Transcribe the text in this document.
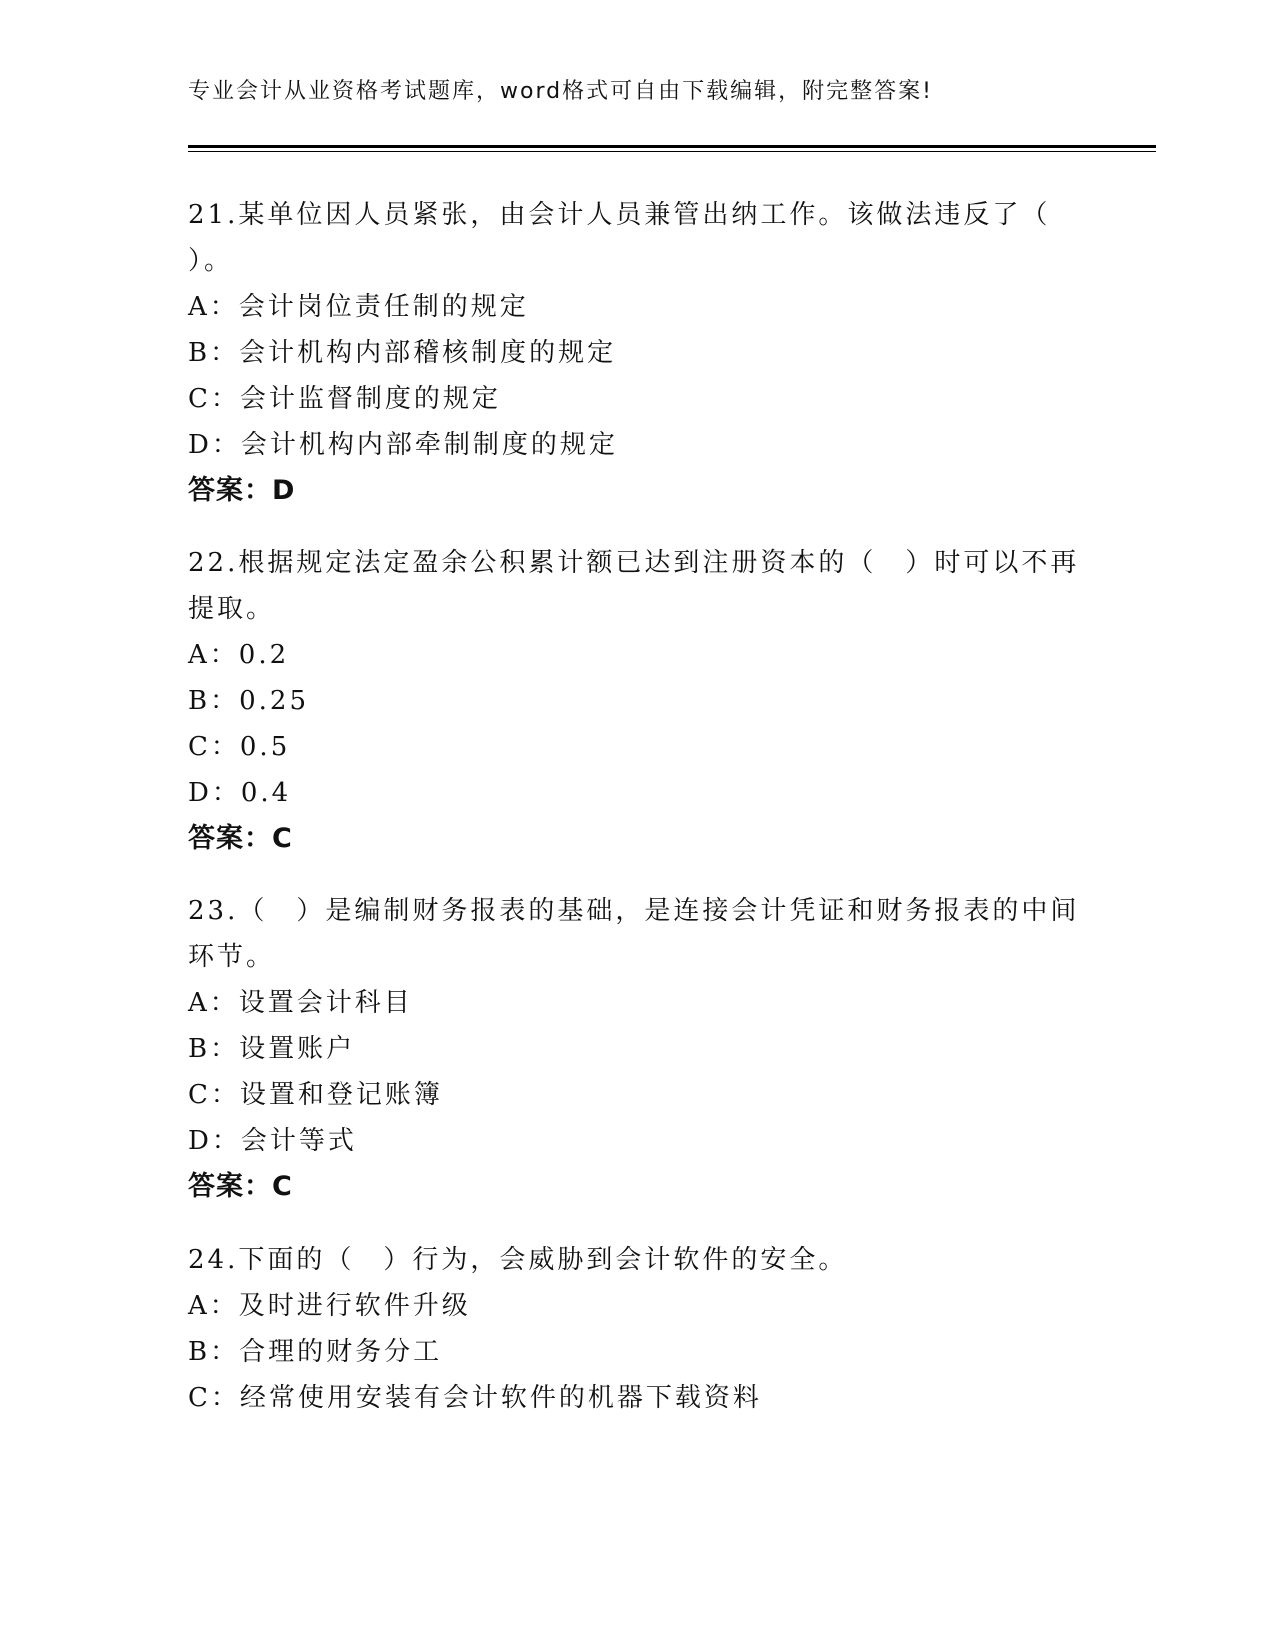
专业会计从业资格考试题库，word格式可自由下载编辑，附完整答案!
21.某单位因人员紧张，由会计人员兼管出纳工作。该做法违反了（
）。
A：会计岗位责任制的规定
B：会计机构内部稽核制度的规定
C：会计监督制度的规定
D：会计机构内部牵制制度的规定
答案：D
22.根据规定法定盈余公积累计额已达到注册资本的（　）时可以不再
提取。
A：0.2
B：0.25
C：0.5
D：0.4
答案：C
23.（　）是编制财务报表的基础，是连接会计凭证和财务报表的中间
环节。
A：设置会计科目
B：设置账户
C：设置和登记账簿
D：会计等式
答案：C
24.下面的（　）行为，会威胁到会计软件的安全。
A：及时进行软件升级
B：合理的财务分工
C：经常使用安装有会计软件的机器下载资料
